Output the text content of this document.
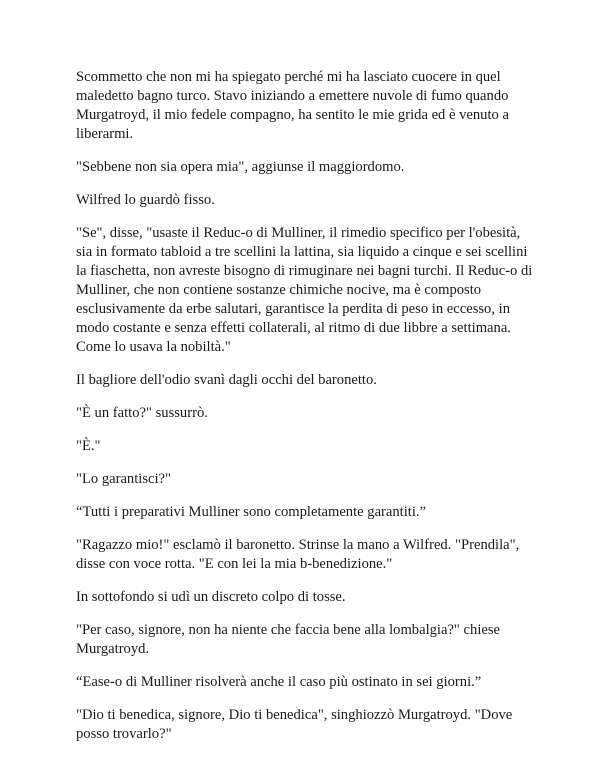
Scommetto che non mi ha spiegato perché mi ha lasciato cuocere in quel maledetto bagno turco. Stavo iniziando a emettere nuvole di fumo quando Murgatroyd, il mio fedele compagno, ha sentito le mie grida ed è venuto a liberarmi.

"Sebbene non sia opera mia", aggiunse il maggiordomo.

Wilfred lo guardò fisso.

"Se", disse, "usaste il Reduc-o di Mulliner, il rimedio specifico per l'obesità, sia in formato tabloid a tre scellini la lattina, sia liquido a cinque e sei scellini la fiaschetta, non avreste bisogno di rimuginare nei bagni turchi. Il Reduc-o di Mulliner, che non contiene sostanze chimiche nocive, ma è composto esclusivamente da erbe salutari, garantisce la perdita di peso in eccesso, in modo costante e senza effetti collaterali, al ritmo di due libbre a settimana. Come lo usava la nobiltà."

Il bagliore dell'odio svanì dagli occhi del baronetto.

"È un fatto?" sussurrò.

"È."

"Lo garantisci?"

“Tutti i preparativi Mulliner sono completamente garantiti.”

"Ragazzo mio!" esclamò il baronetto. Strinse la mano a Wilfred. "Prendila", disse con voce rotta. "E con lei la mia b-benedizione."

In sottofondo si udì un discreto colpo di tosse.

"Per caso, signore, non ha niente che faccia bene alla lombalgia?" chiese Murgatroyd.

“Ease-o di Mulliner risolverà anche il caso più ostinato in sei giorni.”

"Dio ti benedica, signore, Dio ti benedica", singhiozzò Murgatroyd. "Dove posso trovarlo?"
